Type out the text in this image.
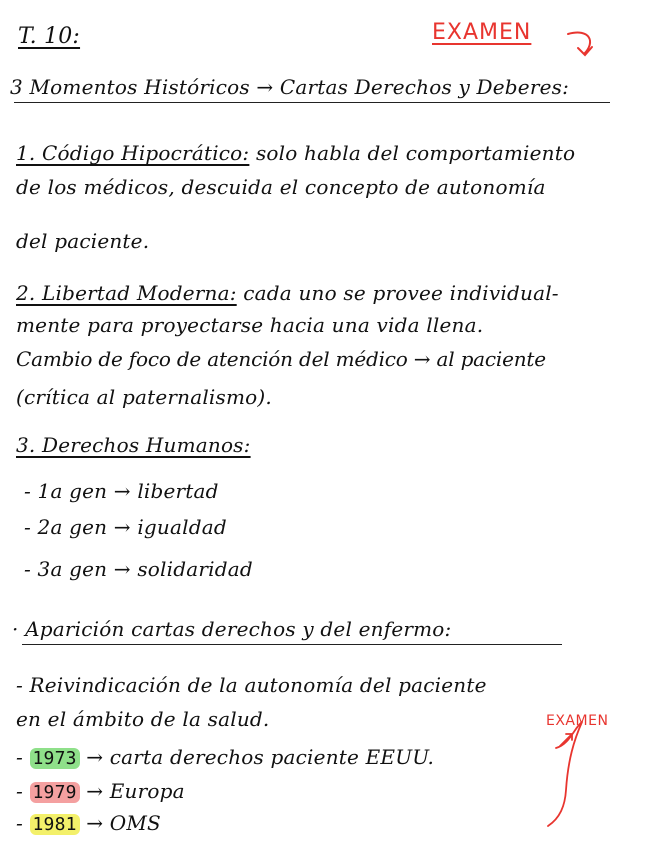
T. 10:	EXAMEN
3 Momentos Históricos → Cartas Derechos y Deberes:
1. Código Hipocrático: solo habla del comportamiento
de los médicos, descuida el concepto de autonomía
del paciente.
2. Libertad Moderna: cada uno se provee individual-
mente para proyectarse hacia una vida llena.
Cambio de foco de atención del médico → al paciente
(crítica al paternalismo).
3. Derechos Humanos:
- 1a gen → libertad
- 2a gen → igualdad
- 3a gen → solidaridad
· Aparición cartas derechos y del enfermo:
- Reivindicación de la autonomía del paciente
en el ámbito de la salud.	EXAMEN
- 1973 → carta derechos paciente EEUU.
- 1979 → Europa
- 1981 → OMS
